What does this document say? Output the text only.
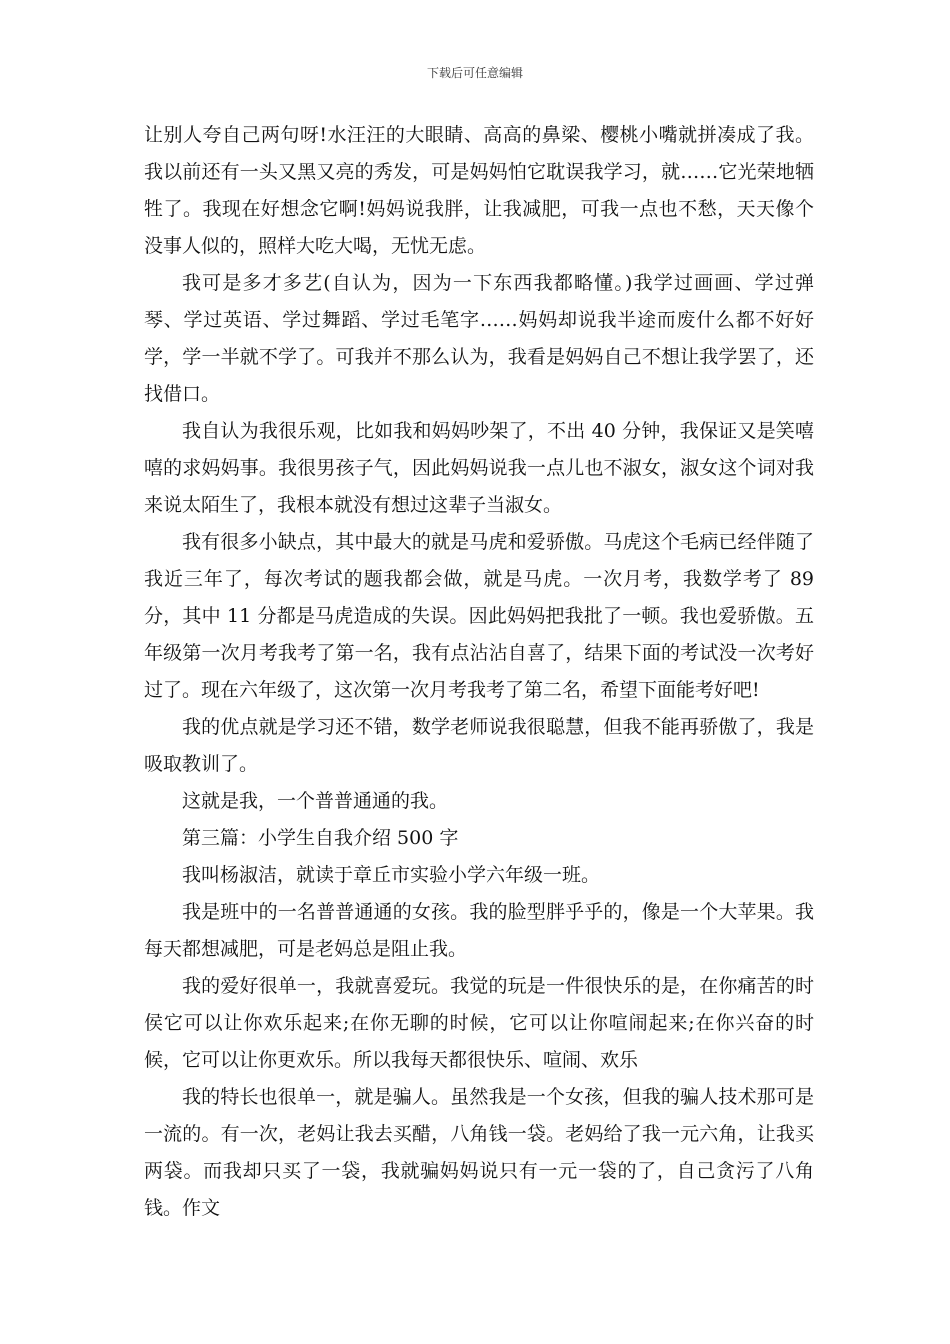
下载后可任意编辑

让别人夸自己两句呀!水汪汪的大眼睛、高高的鼻梁、樱桃小嘴就拼凑成了我。我以前还有一头又黑又亮的秀发，可是妈妈怕它耽误我学习，就……它光荣地牺牲了。我现在好想念它啊!妈妈说我胖，让我减肥，可我一点也不愁，天天像个没事人似的，照样大吃大喝，无忧无虑。

我可是多才多艺(自认为，因为一下东西我都略懂。)我学过画画、学过弹琴、学过英语、学过舞蹈、学过毛笔字……妈妈却说我半途而废什么都不好好学，学一半就不学了。可我并不那么认为，我看是妈妈自己不想让我学罢了，还找借口。

我自认为我很乐观，比如我和妈妈吵架了，不出 40 分钟，我保证又是笑嘻嘻的求妈妈事。我很男孩子气，因此妈妈说我一点儿也不淑女，淑女这个词对我来说太陌生了，我根本就没有想过这辈子当淑女。

我有很多小缺点，其中最大的就是马虎和爱骄傲。马虎这个毛病已经伴随了我近三年了，每次考试的题我都会做，就是马虎。一次月考，我数学考了 89 分，其中 11 分都是马虎造成的失误。因此妈妈把我批了一顿。我也爱骄傲。五年级第一次月考我考了第一名，我有点沾沾自喜了，结果下面的考试没一次考好过了。现在六年级了，这次第一次月考我考了第二名，希望下面能考好吧!

我的优点就是学习还不错，数学老师说我很聪慧，但我不能再骄傲了，我是吸取教训了。

这就是我，一个普普通通的我。

第三篇：小学生自我介绍 500 字

我叫杨淑洁，就读于章丘市实验小学六年级一班。

我是班中的一名普普通通的女孩。我的脸型胖乎乎的，像是一个大苹果。我每天都想减肥，可是老妈总是阻止我。

我的爱好很单一，我就喜爱玩。我觉的玩是一件很快乐的是，在你痛苦的时侯它可以让你欢乐起来;在你无聊的时候，它可以让你喧闹起来;在你兴奋的时候，它可以让你更欢乐。所以我每天都很快乐、喧闹、欢乐

我的特长也很单一，就是骗人。虽然我是一个女孩，但我的骗人技术那可是一流的。有一次，老妈让我去买醋，八角钱一袋。老妈给了我一元六角，让我买两袋。而我却只买了一袋，我就骗妈妈说只有一元一袋的了，自己贪污了八角钱。作文
